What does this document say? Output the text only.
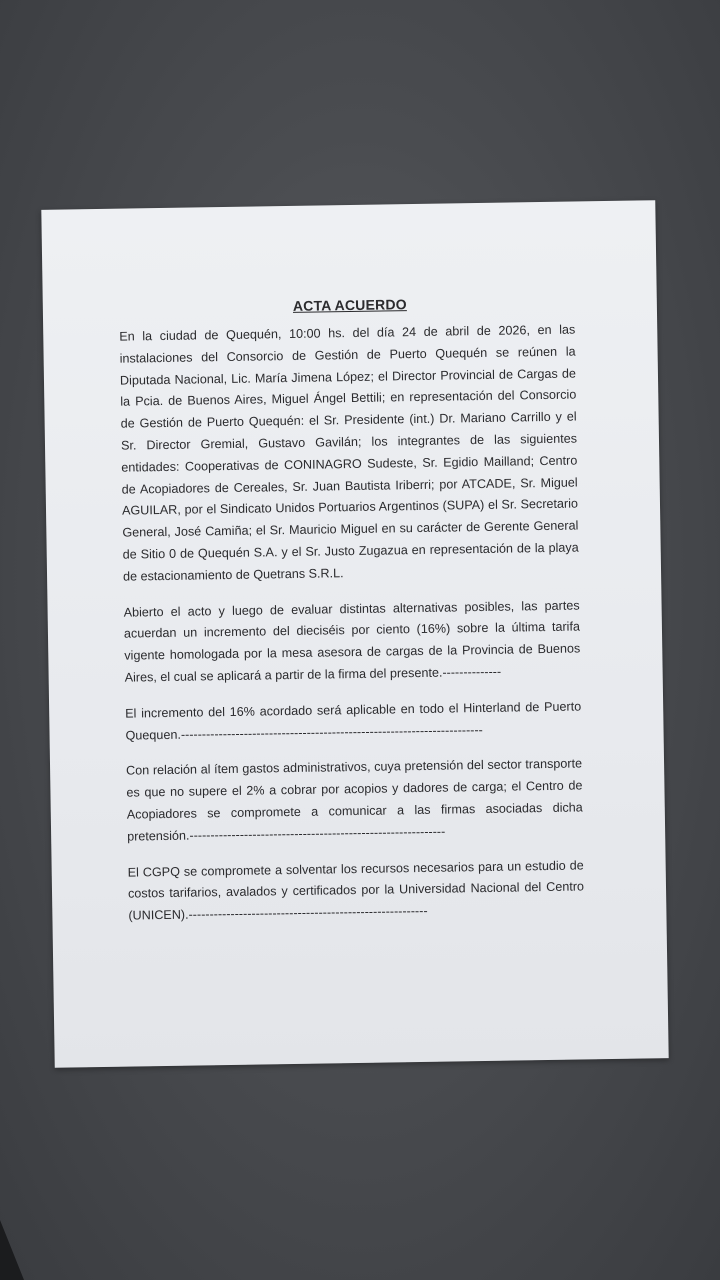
ACTA ACUERDO

En la ciudad de Quequén, 10:00 hs. del día 24 de abril de 2026, en las instalaciones del Consorcio de Gestión de Puerto Quequén se reúnen la Diputada Nacional, Lic. María Jimena López; el Director Provincial de Cargas de la Pcia. de Buenos Aires, Miguel Ángel Bettili; en representación del Consorcio de Gestión de Puerto Quequén: el Sr. Presidente (int.) Dr. Mariano Carrillo y el Sr. Director Gremial, Gustavo Gavilán; los integrantes de las siguientes entidades: Cooperativas de CONINAGRO Sudeste, Sr. Egidio Mailland; Centro de Acopiadores de Cereales, Sr. Juan Bautista Iriberri; por ATCADE, Sr. Miguel AGUILAR, por el Sindicato Unidos Portuarios Argentinos (SUPA) el Sr. Secretario General, José Camiña; el Sr. Mauricio Miguel en su carácter de Gerente General de Sitio 0 de Quequén S.A. y el Sr. Justo Zugazua en representación de la playa de estacionamiento de Quetrans S.R.L.

Abierto el acto y luego de evaluar distintas alternativas posibles, las partes acuerdan un incremento del dieciséis por ciento (16%) sobre la última tarifa vigente homologada por la mesa asesora de cargas de la Provincia de Buenos Aires, el cual se aplicará a partir de la firma del presente.--------------

El incremento del 16% acordado será aplicable en todo el Hinterland de Puerto Quequen.------------------------------------------------------------------------

Con relación al ítem gastos administrativos, cuya pretensión del sector transporte es que no supere el 2% a cobrar por acopios y dadores de carga; el Centro de Acopiadores se compromete a comunicar a las firmas asociadas dicha pretensión.-------------------------------------------------------------

El CGPQ se compromete a solventar los recursos necesarios para un estudio de costos tarifarios, avalados y certificados por la Universidad Nacional del Centro (UNICEN).---------------------------------------------------------
